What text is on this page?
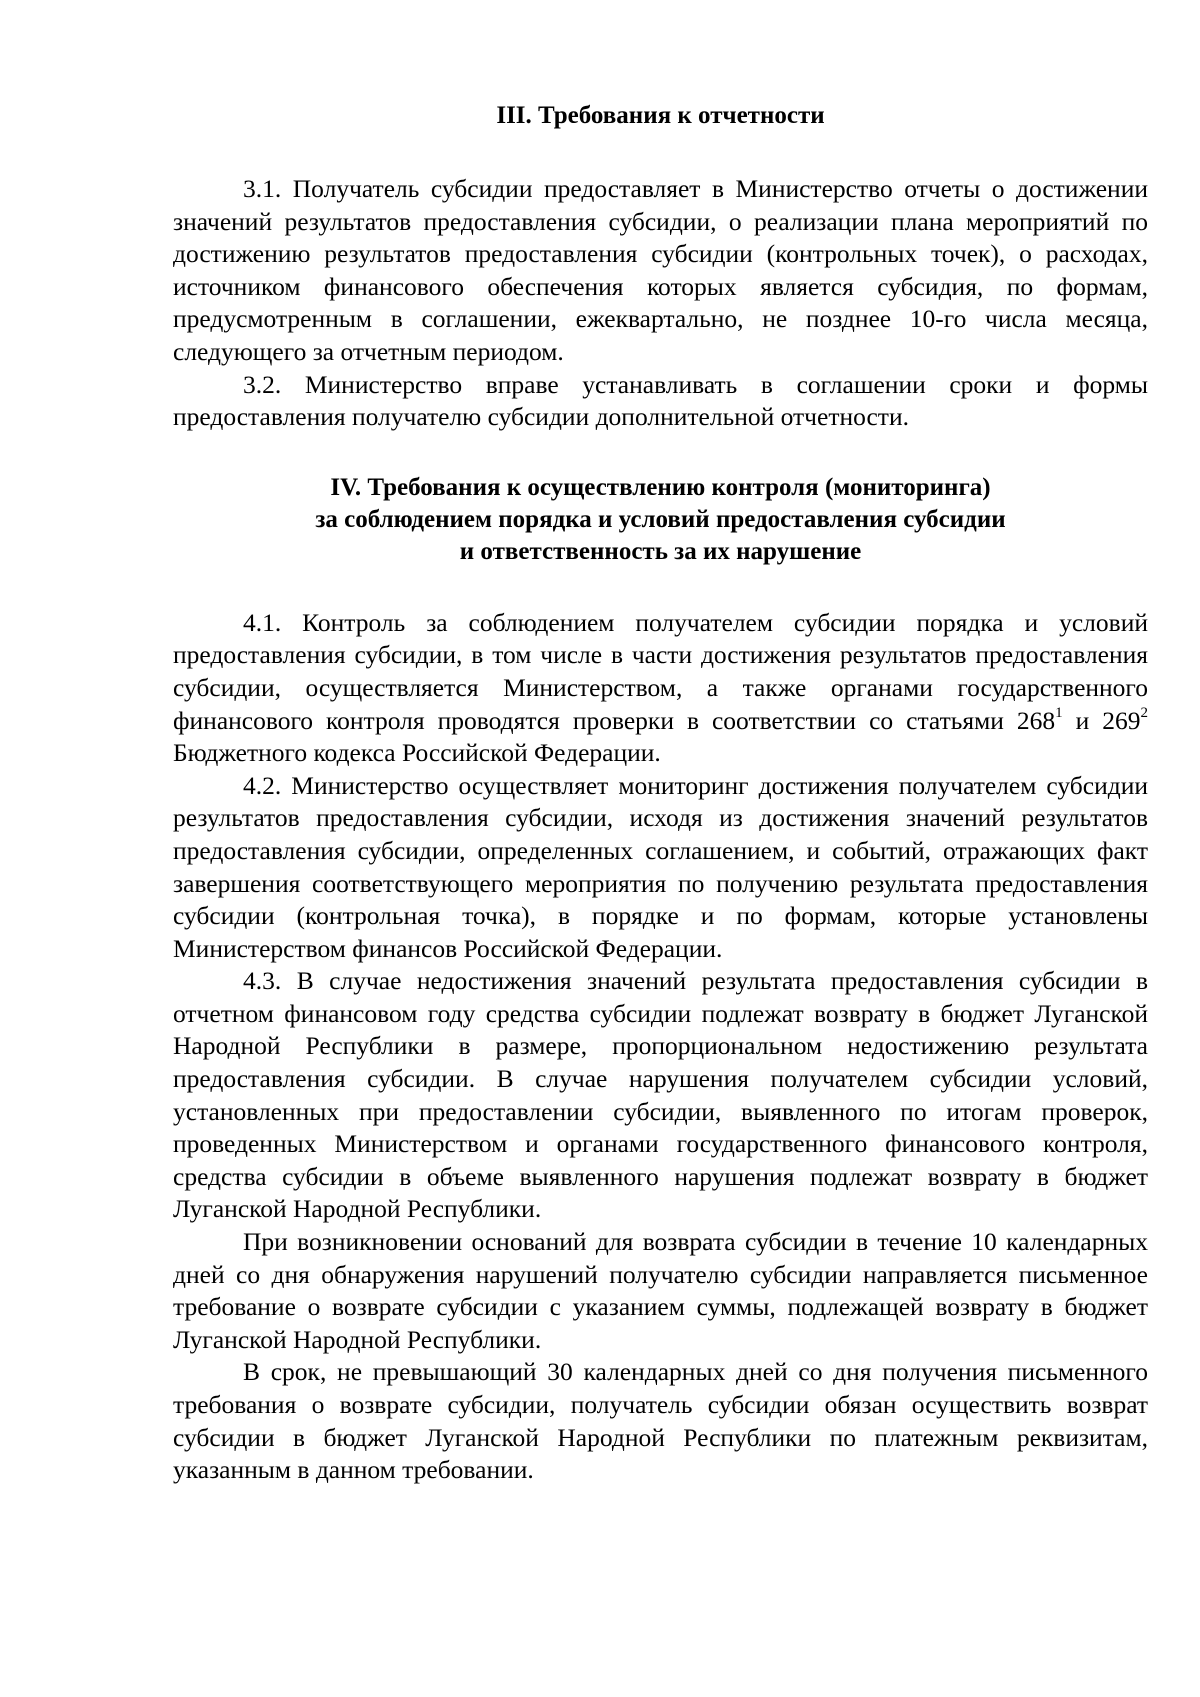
III. Требования к отчетности

3.1. Получатель субсидии предоставляет в Министерство отчеты о достижении значений результатов предоставления субсидии, о реализации плана мероприятий по достижению результатов предоставления субсидии (контрольных точек), о расходах, источником финансового обеспечения которых является субсидия, по формам, предусмотренным в соглашении, ежеквартально, не позднее 10-го числа месяца, следующего за отчетным периодом.

3.2. Министерство вправе устанавливать в соглашении сроки и формы предоставления получателю субсидии дополнительной отчетности.

IV. Требования к осуществлению контроля (мониторинга)
за соблюдением порядка и условий предоставления субсидии
и ответственность за их нарушение

4.1. Контроль за соблюдением получателем субсидии порядка и условий предоставления субсидии, в том числе в части достижения результатов предоставления субсидии, осуществляется Министерством, а также органами государственного финансового контроля проводятся проверки в соответствии со статьями $268^1$ и $269^2$ Бюджетного кодекса Российской Федерации.

4.2. Министерство осуществляет мониторинг достижения получателем субсидии результатов предоставления субсидии, исходя из достижения значений результатов предоставления субсидии, определенных соглашением, и событий, отражающих факт завершения соответствующего мероприятия по получению результата предоставления субсидии (контрольная точка), в порядке и по формам, которые установлены Министерством финансов Российской Федерации.

4.3. В случае недостижения значений результата предоставления субсидии в отчетном финансовом году средства субсидии подлежат возврату в бюджет Луганской Народной Республики в размере, пропорциональном недостижению результата предоставления субсидии. В случае нарушения получателем субсидии условий, установленных при предоставлении субсидии, выявленного по итогам проверок, проведенных Министерством и органами государственного финансового контроля, средства субсидии в объеме выявленного нарушения подлежат возврату в бюджет Луганской Народной Республики.

При возникновении оснований для возврата субсидии в течение 10 календарных дней со дня обнаружения нарушений получателю субсидии направляется письменное требование о возврате субсидии с указанием суммы, подлежащей возврату в бюджет Луганской Народной Республики.

В срок, не превышающий 30 календарных дней со дня получения письменного требования о возврате субсидии, получатель субсидии обязан осуществить возврат субсидии в бюджет Луганской Народной Республики по платежным реквизитам, указанным в данном требовании.
